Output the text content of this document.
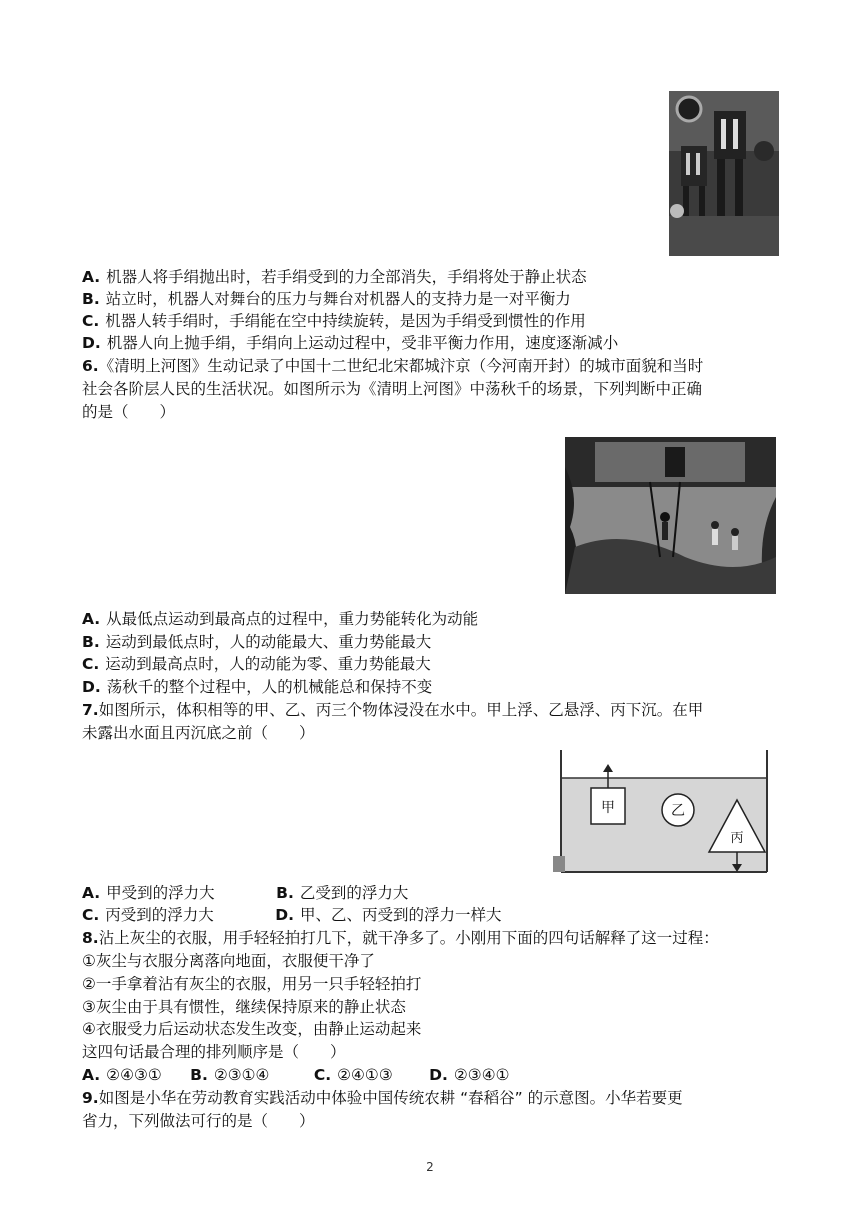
A. 机器人将手绢抛出时，若手绢受到的力全部消失，手绢将处于静止状态
B. 站立时，机器人对舞台的压力与舞台对机器人的支持力是一对平衡力
C. 机器人转手绢时，手绢能在空中持续旋转，是因为手绢受到惯性的作用
D. 机器人向上抛手绢，手绢向上运动过程中，受非平衡力作用，速度逐渐减小
6.《清明上河图》生动记录了中国十二世纪北宋都城汴京（今河南开封）的城市面貌和当时
社会各阶层人民的生活状况。如图所示为《清明上河图》中荡秋千的场景，下列判断中正确
的是（　　）
A. 从最低点运动到最高点的过程中，重力势能转化为动能
B. 运动到最低点时，人的动能最大、重力势能最大
C. 运动到最高点时，人的动能为零、重力势能最大
D. 荡秋千的整个过程中，人的机械能总和保持不变
7.如图所示，体积相等的甲、乙、丙三个物体浸没在水中。甲上浮、乙悬浮、丙下沉。在甲
未露出水面且丙沉底之前（　　）
甲	乙
丙
A. 甲受到的浮力大	B. 乙受到的浮力大
C. 丙受到的浮力大	D. 甲、乙、丙受到的浮力一样大
8.沾上灰尘的衣服，用手轻轻拍打几下，就干净多了。小刚用下面的四句话解释了这一过程：
①灰尘与衣服分离落向地面，衣服便干净了
②一手拿着沾有灰尘的衣服，用另一只手轻轻拍打
③灰尘由于具有惯性，继续保持原来的静止状态
④衣服受力后运动状态发生改变，由静止运动起来
这四句话最合理的排列顺序是（　　）
A. ②④③① B. ②③①④	C. ②④①③ D. ②③④①
9.如图是小华在劳动教育实践活动中体验中国传统农耕 “舂稻谷” 的示意图。小华若要更
省力，下列做法可行的是（　　）
2
